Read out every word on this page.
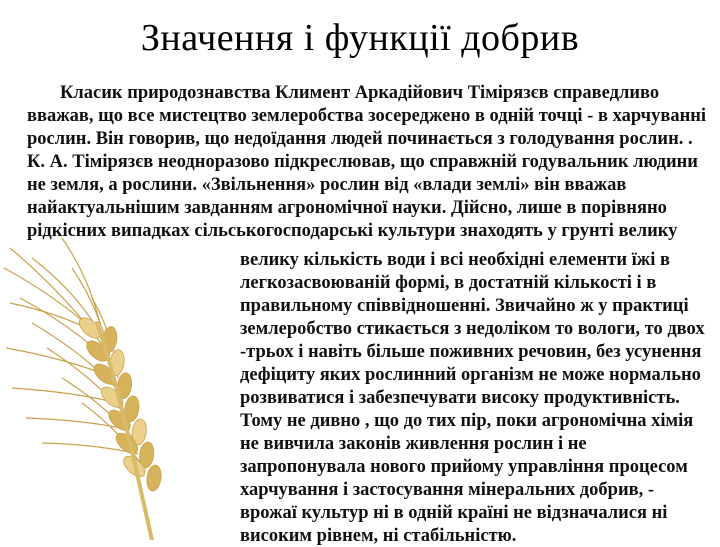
Значення і функції добрив
Класик природознавства Климент Аркадійович Тімірязєв справедливо
вважав, що все мистецтво землеробства зосереджено в одній точці - в харчуванні
рослин. Він говорив, що недоїдання людей починається з голодування рослин. .
К. А. Тімірязєв неодноразово підкреслював, що справжній годувальник людини
не земля, а рослини. «Звільнення» рослин від «влади землі» він вважав
найактуальнішим завданням агрономічної науки. Дійсно, лише в порівняно
рідкісних випадках сільськогосподарські культури знаходять у грунті велику
велику кількість води і всі необхідні елементи їжі в
легкозасвоюваній формі, в достатній кількості і в
правильному співвідношенні. Звичайно ж у практиці
землеробство стикається з недоліком то вологи, то двох
-трьох і навіть більше поживних речовин, без усунення
дефіциту яких рослинний організм не може нормально
розвиватися і забезпечувати високу продуктивність.
Тому не дивно , що до тих пір, поки агрономічна хімія
не вивчила законів живлення рослин і не
запропонувала нового прийому управління процесом
харчування і застосування мінеральних добрив, -
врожаї культур ні в одній країні не відзначалися ні
високим рівнем, ні стабільністю.
